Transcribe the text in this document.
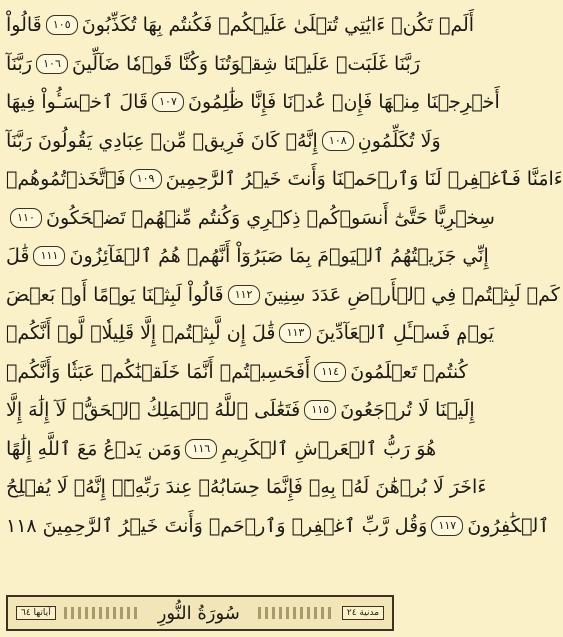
أَلَمۡ تَكُنۡ ءَايَٰتِي تُتۡلَىٰ عَلَيۡكُمۡ فَكُنتُم بِهَا تُكَذِّبُونَ
١٠٥
قَالُواْ
رَبَّنَا غَلَبَتۡ عَلَيۡنَا شِقۡوَتُنَا وَكُنَّا قَوۡمٗا ضَآلِّينَ
١٠٦
رَبَّنَآ
أَخۡرِجۡنَا مِنۡهَا فَإِنۡ عُدۡنَا فَإِنَّا ظَٰلِمُونَ
١٠٧
قَالَ ٱخۡسَـُٔواْ فِيهَا
وَلَا تُكَلِّمُونِ
١٠٨
إِنَّهُۥ كَانَ فَرِيقٞ مِّنۡ عِبَادِي يَقُولُونَ رَبَّنَآ
ءَامَنَّا فَٱغۡفِرۡ لَنَا وَٱرۡحَمۡنَا وَأَنتَ خَيۡرُ ٱلرَّٰحِمِينَ
١٠٩
فَٱتَّخَذۡتُمُوهُمۡ
سِخۡرِيًّا حَتَّىٰٓ أَنسَوۡكُمۡ ذِكۡرِي وَكُنتُم مِّنۡهُمۡ تَضۡحَكُونَ
١١٠
إِنِّي جَزَيۡتُهُمُ ٱلۡيَوۡمَ بِمَا صَبَرُوٓاْ أَنَّهُمۡ هُمُ ٱلۡفَآئِزُونَ
١١١
قَٰلَ
كَمۡ لَبِثۡتُمۡ فِي ٱلۡأَرۡضِ عَدَدَ سِنِينَ
١١٢
قَالُواْ لَبِثۡنَا يَوۡمًا أَوۡ بَعۡضَ
يَوۡمٖ فَسۡـَٔلِ ٱلۡعَآدِّينَ
١١٣
قَٰلَ إِن لَّبِثۡتُمۡ إِلَّا قَلِيلٗاۖ لَّوۡ أَنَّكُمۡ
كُنتُمۡ تَعۡلَمُونَ
١١٤
أَفَحَسِبۡتُمۡ أَنَّمَا خَلَقۡنَٰكُمۡ عَبَثٗا وَأَنَّكُمۡ
إِلَيۡنَا لَا تُرۡجَعُونَ
١١٥
فَتَعَٰلَى ٱللَّهُ ٱلۡمَلِكُ ٱلۡحَقُّۖ لَآ إِلَٰهَ إِلَّا
هُوَ رَبُّ ٱلۡعَرۡشِ ٱلۡكَرِيمِ
١١٦
وَمَن يَدۡعُ مَعَ ٱللَّهِ إِلَٰهًا
ءَاخَرَ لَا بُرۡهَٰنَ لَهُۥ بِهِۦ فَإِنَّمَا حِسَابُهُۥ عِندَ رَبِّهِۦٓۚ إِنَّهُۥ لَا يُفۡلِحُ
ٱلۡكَٰفِرُونَ
١١٧
وَقُل رَّبِّ ٱغۡفِرۡ وَٱرۡحَمۡ وَأَنتَ خَيۡرُ ٱلرَّٰحِمِينَ ١١٨
آياتها ٦٤	سُورَةُ النُّورِ	مدنية ٢٤
